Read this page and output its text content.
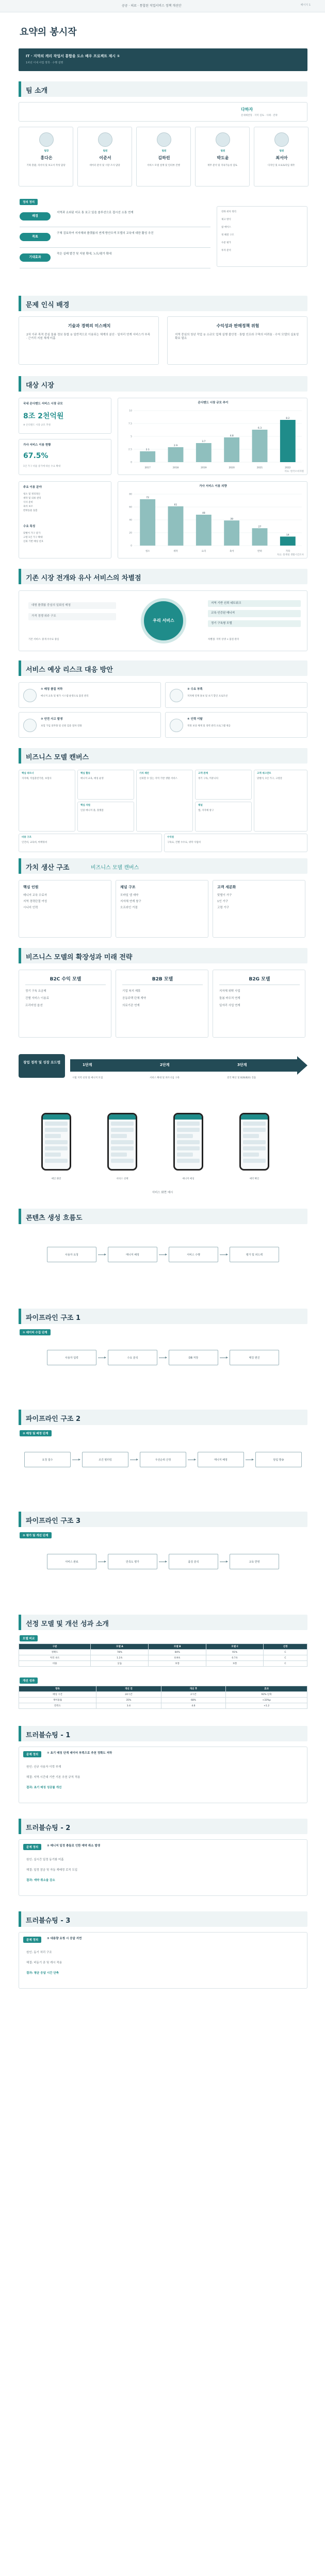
공공 · 의료 · 통합된 직업서비스 정책 개선안	페이지 1
요약의 봉시작
IT · 지역의 캐리 작업서 통합을 도소 배우 프로젝트 제시 ①
1차년 이내 사업 정착 · 수행 설명
팀 소개
다하자
문제해결형 · 지역 검토 · 사례 · 전략
팀장
홍다은
기획 총괄, 리서치 및 보고서 작성 담당
팀원
이준서
데이터 분석 및 시장 조사 담당
팀원
김하린
서비스 모델 설계 및 인터뷰 진행
팀원
박도윤
재무 분석 및 지속가능성 검토
팀원
최서아
디자인 및 프로토타입 제작
정의 정리
배경
지역과 소외된 어르 통 보고 있음 솔루션으로 접시선 소통 연계
목표
구체 검토하여 지자체와 플랫폼의 연계 방안모색 모델의 교육에 대한 활성 추진
기대효과
작은 실패 발견 및 지원 확대, 노트/평가 확대
강좌 위치 정리
제고 방식
참 에이스
정 해결 구조
수준 평가
투자 분석
문제 인식 배경
기술과 경력의 미스매치
2차 이주 목적 중심 돌봄 정보 통합 ① 일반적으로 이용되는 체계의 분산 · 일자리 연계 서비스가 부족 · 근거리 지원 체계 미흡
수익성과 판매정책 위험
지역 중심의 청년 작업 ① 소규모 업체 실행 불안정 · 통합 인프라 구축의 어려움 · 수익 모델의 실효성 확보 필요
대상 시장
국내 온디맨드 서비스 시장 규모
8조 2천억원
※ 온디맨드 시장 규모 추정
가사 서비스 이용 현황
67.5%
1인 가구 비율 증가에 따른 수요 확대
온디맨드 시장 규모 추이
0
2.5
5
7.5
10
2.1
2017
2.9
2018
3.7
2019
4.8
2020
6.3
2021
8.2
2022
자료: 한국소비자원
주요 이용 분야
청소 및 정리정돈
세탁 및 의류 관리
식사 준비
육아 보조
반려동물 돌봄
수요 특성
맞벌이 가구 증가
고령 1인 가구 확대
신뢰 기반 매칭 선호
가사 서비스 이용 의향
0
20
40
60
80
72
청소
61
세탁
48
요리
39
육아
27
반려
14
기타
자료: 통계청 생활시간조사
기존 시장 전개와 유사 서비스의 차별점
대형 플랫폼 중심의 일회성 매칭
가격 경쟁 위주 구조
우리 서비스
지역 기반 신뢰 네트워크
교육·인증된 매니저
정기 구독형 모델
기존 서비스: 중개 수수료 중심	차별점: 지역 상생 + 품질 관리
서비스 예상 리스크 대응 방안
① 매칭 품질 저하
매니저 교육 및 평가 시스템 운영으로 품질 관리
② 수요 부족
지자체 연계 홍보 및 초기 할인 프로모션
③ 안전 사고 발생
보험 가입 의무화 및 신원 검증 절차 강화
④ 인력 이탈
적정 보상 체계 및 경력 관리 프로그램 제공
비즈니스 모델 캔버스
핵심 파트너
지자체, 직업훈련기관, 보험사
핵심 활동
매니저 교육, 매칭 운영
가치 제안
신뢰할 수 있는 지역 기반 생활 서비스
고객 관계
정기 구독, 커뮤니티
고객 세그먼트
맞벌이, 1인 가구, 고령층
핵심 자원
인증 매니저 풀, 플랫폼
채널
앱, 지자체 창구
비용 구조
인건비, 교육비, 마케팅비
수익원
구독료, 건별 수수료, 위탁 사업비
가치 생산 구조	비즈니스 모델 캔버스
핵심 인원
매니저 교육 수료자
지역 경력단절 여성
시니어 인력
채널 구조
모바일 앱 예약
지자체 연계 창구
오프라인 거점
고객 세분화
맞벌이 가구
1인 가구
고령 가구
비즈니스 모델의 확장성과 미래 전략
B2C 수익 모델
정기 구독 요금제
건별 서비스 이용료
프리미엄 옵션
B2B 모델
기업 복지 제휴
공동주택 단체 계약
의료기관 연계
B2G 모델
지자체 위탁 사업
돌봄 바우처 연계
일자리 사업 연계
창업 정착 및 성장 로드맵
1단계	2단계	3단계
시범 지역 선정 및 매니저 모집	서비스 확대 및 파트너십 구축	전국 확산 및 B2B/B2G 진출
메인 화면	서비스 선택	매니저 매칭	예약 확인
서비스 화면 예시
콘텐츠 생성 흐름도
사용자 요청	매니저 배정	서비스 수행	평가 및 피드백
파이프라인 구조 1
① 데이터 수집 단계
사용자 입력	수요 분석	DB 저장	매칭 엔진
파이프라인 구조 2
② 매칭 및 배정 단계
요청 접수	조건 필터링	우선순위 산정	매니저 배정	알림 발송
파이프라인 구조 3
③ 평가 및 개선 단계
서비스 완료	만족도 평가	품질 분석	교육 반영
선정 모델 및 개선 성과 소개
모델 비교
구분	모델 A	모델 B	모델 C	선정
정확도	78%	84%	91%	C
처리 속도	1.2초	0.9초	0.7초	C
비용	낮음	보통	보통	C
개선 성과
항목	개선 전	개선 후	효과
매칭 시간	24시간	2시간	92% 단축
재이용률	35%	68%	+33%p
만족도	3.4	4.6	+1.2
트러블슈팅 - 1
문제 정의	① 초기 매칭 단계 데이터 부족으로 추천 정확도 저하
원인: 신규 사용자 이력 부재
해결: 지역·시간대 기반 기본 추천 규칙 적용
결과: 초기 매칭 성공률 개선
트러블슈팅 - 2
문제 정의	② 매니저 일정 충돌로 인한 예약 취소 발생
원인: 실시간 일정 동기화 미흡
해결: 일정 잠금 및 자동 재배정 로직 도입
결과: 예약 취소율 감소
트러블슈팅 - 3
문제 정의	③ 대용량 요청 시 응답 지연
원인: 동기 처리 구조
해결: 비동기 큐 및 캐시 적용
결과: 평균 응답 시간 단축
